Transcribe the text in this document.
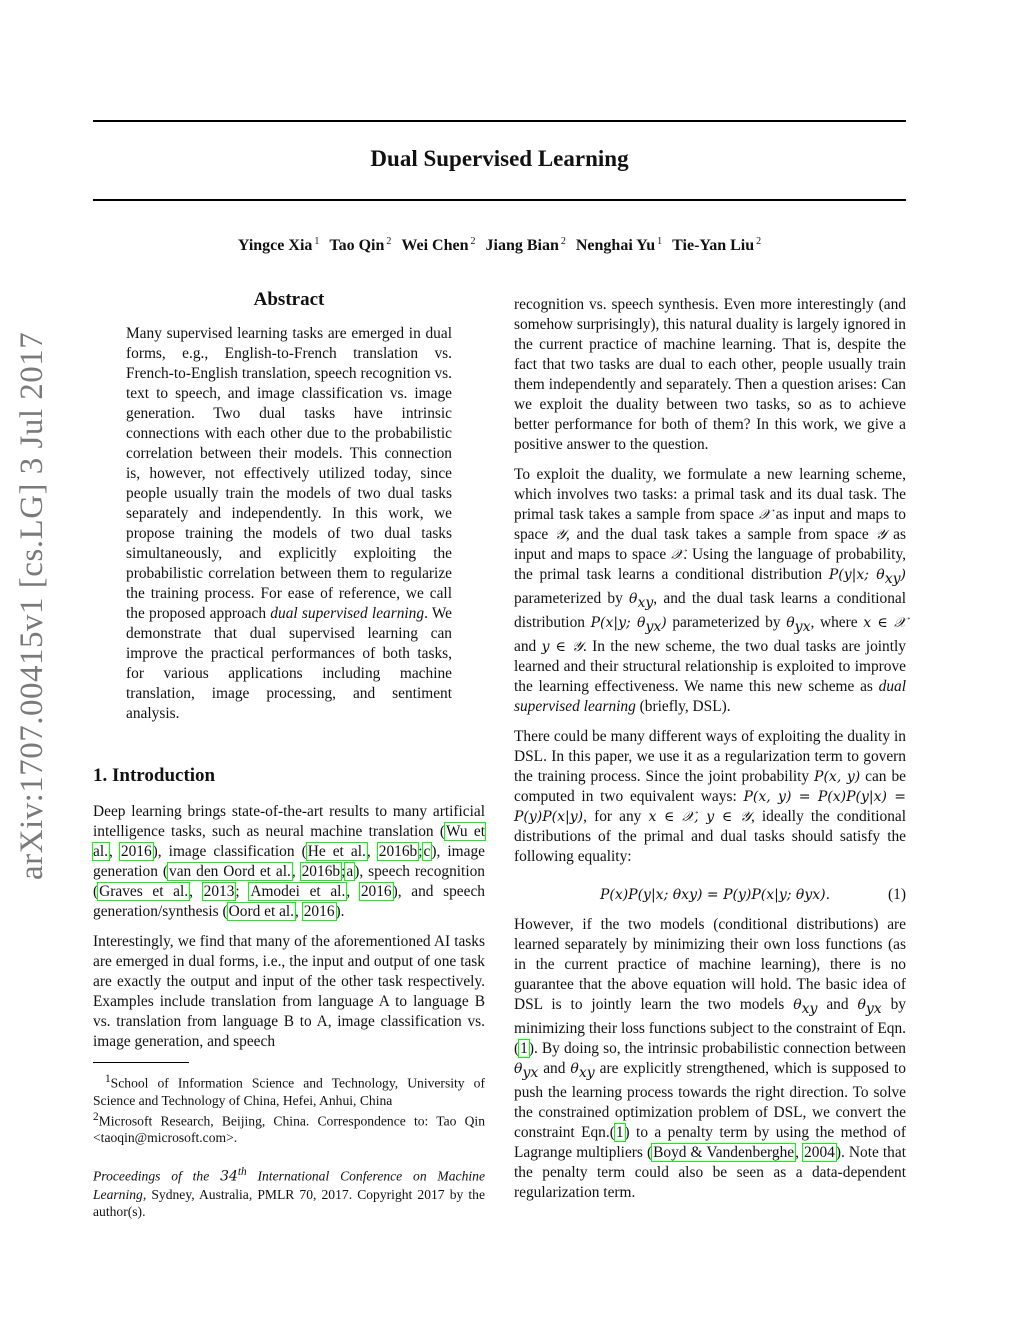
Dual Supervised Learning
Yingce Xia $^1$ Tao Qin $^2$ Wei Chen $^2$ Jiang Bian $^2$ Nenghai Yu $^1$ Tie-Yan Liu $^2$
arXiv:1707.00415v1 [cs.LG] 3 Jul 2017
Abstract
Many supervised learning tasks are emerged in dual forms, e.g., English-to-French translation vs. French-to-English translation, speech recognition vs. text to speech, and image classification vs. image generation. Two dual tasks have intrinsic connections with each other due to the probabilistic correlation between their models. This connection is, however, not effectively utilized today, since people usually train the models of two dual tasks separately and independently. In this work, we propose training the models of two dual tasks simultaneously, and explicitly exploiting the probabilistic correlation between them to regularize the training process. For ease of reference, we call the proposed approach dual supervised learning. We demonstrate that dual supervised learning can improve the practical performances of both tasks, for various applications including machine translation, image processing, and sentiment analysis.
1. Introduction

Deep learning brings state-of-the-art results to many artificial intelligence tasks, such as neural machine translation (Wu et al., 2016), image classification (He et al., 2016b;c), image generation (van den Oord et al., 2016b;a), speech recognition (Graves et al., 2013; Amodei et al., 2016), and speech generation/synthesis (Oord et al., 2016).

Interestingly, we find that many of the aforementioned AI tasks are emerged in dual forms, i.e., the input and output of one task are exactly the output and input of the other task respectively. Examples include translation from language A to language B vs. translation from language B to A, image classification vs. image generation, and speech

$^1$School of Information Science and Technology, University of Science and Technology of China, Hefei, Anhui, China
$^2$Microsoft Research, Beijing, China. Correspondence to: Tao Qin <taoqin@microsoft.com>.
Proceedings of the 34th International Conference on Machine Learning, Sydney, Australia, PMLR 70, 2017. Copyright 2017 by the author(s).

recognition vs. speech synthesis. Even more interestingly (and somehow surprisingly), this natural duality is largely ignored in the current practice of machine learning. That is, despite the fact that two tasks are dual to each other, people usually train them independently and separately. Then a question arises: Can we exploit the duality between two tasks, so as to achieve better performance for both of them? In this work, we give a positive answer to the question.

To exploit the duality, we formulate a new learning scheme, which involves two tasks: a primal task and its dual task. The primal task takes a sample from space 𝒳 as input and maps to space 𝒴, and the dual task takes a sample from space 𝒴 as input and maps to space 𝒳. Using the language of probability, the primal task learns a conditional distribution P(y|x; $\theta_{xy}$) parameterized by $\theta_{xy}$, and the dual task learns a conditional distribution P(x|y; $\theta_{yx}$) parameterized by $\theta_{yx}$, where x ∈ 𝒳 and y ∈ 𝒴. In the new scheme, the two dual tasks are jointly learned and their structural relationship is exploited to improve the learning effectiveness. We name this new scheme as dual supervised learning (briefly, DSL).

There could be many different ways of exploiting the duality in DSL. In this paper, we use it as a regularization term to govern the training process. Since the joint probability P(x, y) can be computed in two equivalent ways: P(x, y) = P(x)P(y|x) = P(y)P(x|y), for any x ∈ 𝒳, y ∈ 𝒴, ideally the conditional distributions of the primal and dual tasks should satisfy the following equality:

P(x)P(y|x; θxy) = P(y)P(x|y; θyx).	(1)

However, if the two models (conditional distributions) are learned separately by minimizing their own loss functions (as in the current practice of machine learning), there is no guarantee that the above equation will hold. The basic idea of DSL is to jointly learn the two models $\theta_{xy}$ and $\theta_{yx}$ by minimizing their loss functions subject to the constraint of Eqn.(1). By doing so, the intrinsic probabilistic connection between $\theta_{yx}$ and $\theta_{xy}$ are explicitly strengthened, which is supposed to push the learning process towards the right direction. To solve the constrained optimization problem of DSL, we convert the constraint Eqn.(1) to a penalty term by using the method of Lagrange multipliers (Boyd & Vandenberghe, 2004). Note that the penalty term could also be seen as a data-dependent regularization term.
